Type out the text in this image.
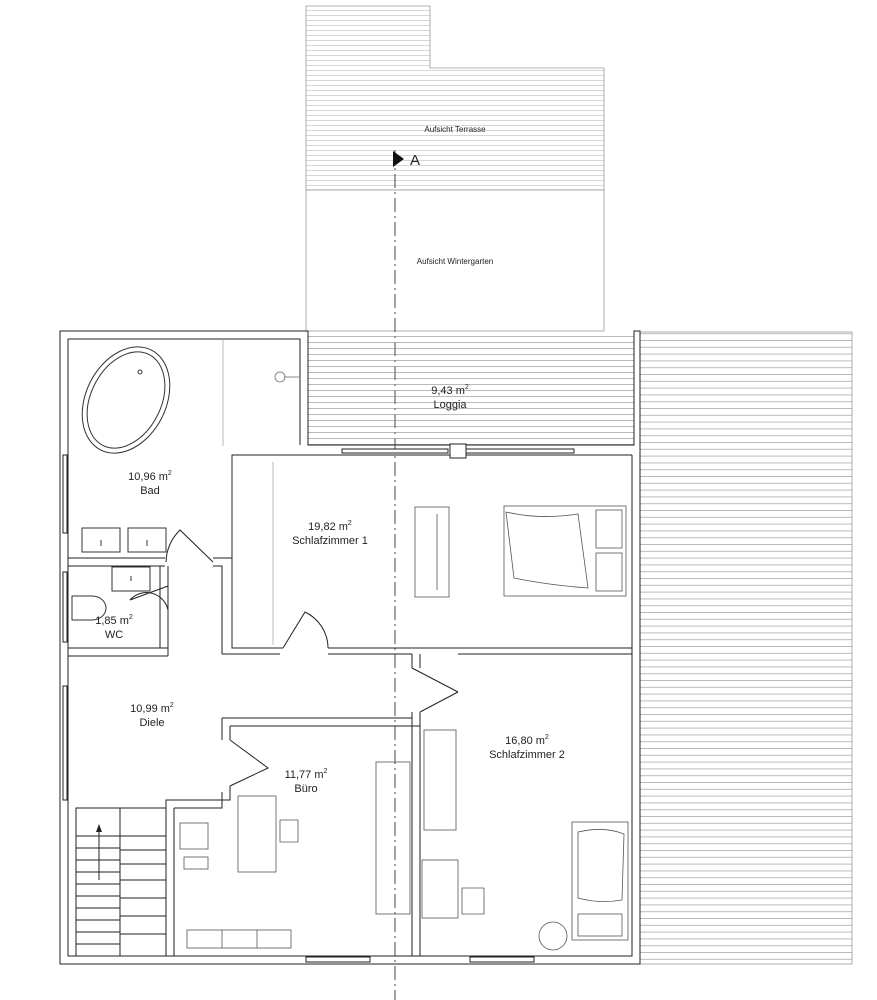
Aufsicht Terrasse
Aufsicht Wintergarten
A
9,43 $m^2$
Loggia
10,96 $m^2$
Bad
19,82 $m^2$
Schlafzimmer 1
1,85 $m^2$
WC
10,99 $m^2$
Diele
11,77 $m^2$
Büro
16,80 $m^2$
Schlafzimmer 2
